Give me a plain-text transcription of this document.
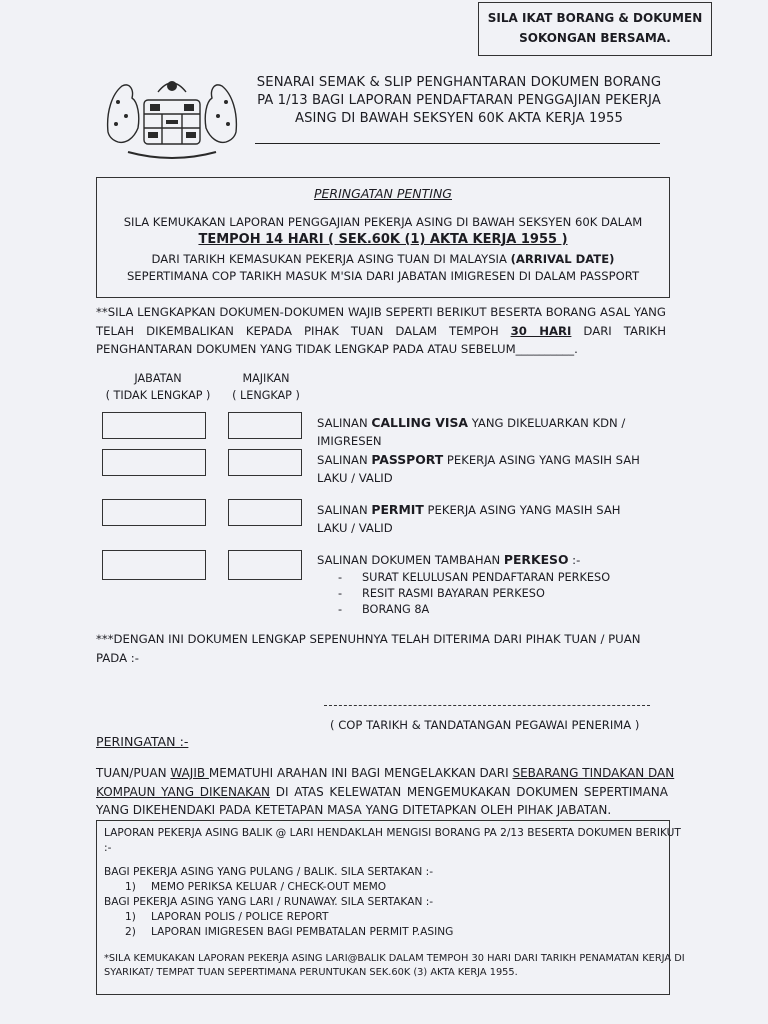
SILA IKAT BORANG & DOKUMEN
SOKONGAN BERSAMA.
SENARAI SEMAK & SLIP PENGHANTARAN DOKUMEN BORANG
PA 1/13 BAGI LAPORAN PENDAFTARAN PENGGAJIAN PEKERJA
ASING DI BAWAH SEKSYEN 60K AKTA KERJA 1955
PERINGATAN PENTING
SILA KEMUKAKAN LAPORAN PENGGAJIAN PEKERJA ASING DI BAWAH SEKSYEN 60K DALAM
TEMPOH 14 HARI ( SEK.60K (1) AKTA KERJA 1955 )
DARI TARIKH KEMASUKAN PEKERJA ASING TUAN DI MALAYSIA (ARRIVAL DATE)
SEPERTIMANA COP TARIKH MASUK M'SIA DARI JABATAN IMIGRESEN DI DALAM PASSPORT
**SILA LENGKAPKAN DOKUMEN-DOKUMEN WAJIB SEPERTI BERIKUT BESERTA BORANG ASAL YANG
TELAH DIKEMBALIKAN KEPADA PIHAK TUAN DALAM TEMPOH 30 HARI DARI TARIKH
PENGHANTARAN DOKUMEN YANG TIDAK LENGKAP PADA ATAU SEBELUM__________.
JABATAN
( TIDAK LENGKAP )
MAJIKAN
( LENGKAP )
SALINAN CALLING VISA YANG DIKELUARKAN KDN /
IMIGRESEN
SALINAN PASSPORT PEKERJA ASING YANG MASIH SAH
LAKU / VALID
SALINAN PERMIT PEKERJA ASING YANG MASIH SAH
LAKU / VALID
SALINAN DOKUMEN TAMBAHAN PERKESO :-
- SURAT KELULUSAN PENDAFTARAN PERKESO
- RESIT RASMI BAYARAN PERKESO
- BORANG 8A
***DENGAN INI DOKUMEN LENGKAP SEPENUHNYA TELAH DITERIMA DARI PIHAK TUAN / PUAN
PADA :-
( COP TARIKH & TANDATANGAN PEGAWAI PENERIMA )
PERINGATAN :-
TUAN/PUAN WAJIB MEMATUHI ARAHAN INI BAGI MENGELAKKAN DARI SEBARANG TINDAKAN DAN
KOMPAUN YANG DIKENAKAN DI ATAS KELEWATAN MENGEMUKAKAN DOKUMEN SEPERTIMANA
YANG DIKEHENDAKI PADA KETETAPAN MASA YANG DITETAPKAN OLEH PIHAK JABATAN.
LAPORAN PEKERJA ASING BALIK @ LARI HENDAKLAH MENGISI BORANG PA 2/13 BESERTA DOKUMEN BERIKUT
:-
BAGI PEKERJA ASING YANG PULANG / BALIK. SILA SERTAKAN :-
1) MEMO PERIKSA KELUAR / CHECK-OUT MEMO
BAGI PEKERJA ASING YANG LARI / RUNAWAY. SILA SERTAKAN :-
1) LAPORAN POLIS / POLICE REPORT
2) LAPORAN IMIGRESEN BAGI PEMBATALAN PERMIT P.ASING
*SILA KEMUKAKAN LAPORAN PEKERJA ASING LARI@BALIK DALAM TEMPOH 30 HARI DARI TARIKH PENAMATAN KERJA DI
SYARIKAT/ TEMPAT TUAN SEPERTIMANA PERUNTUKAN SEK.60K (3) AKTA KERJA 1955.
